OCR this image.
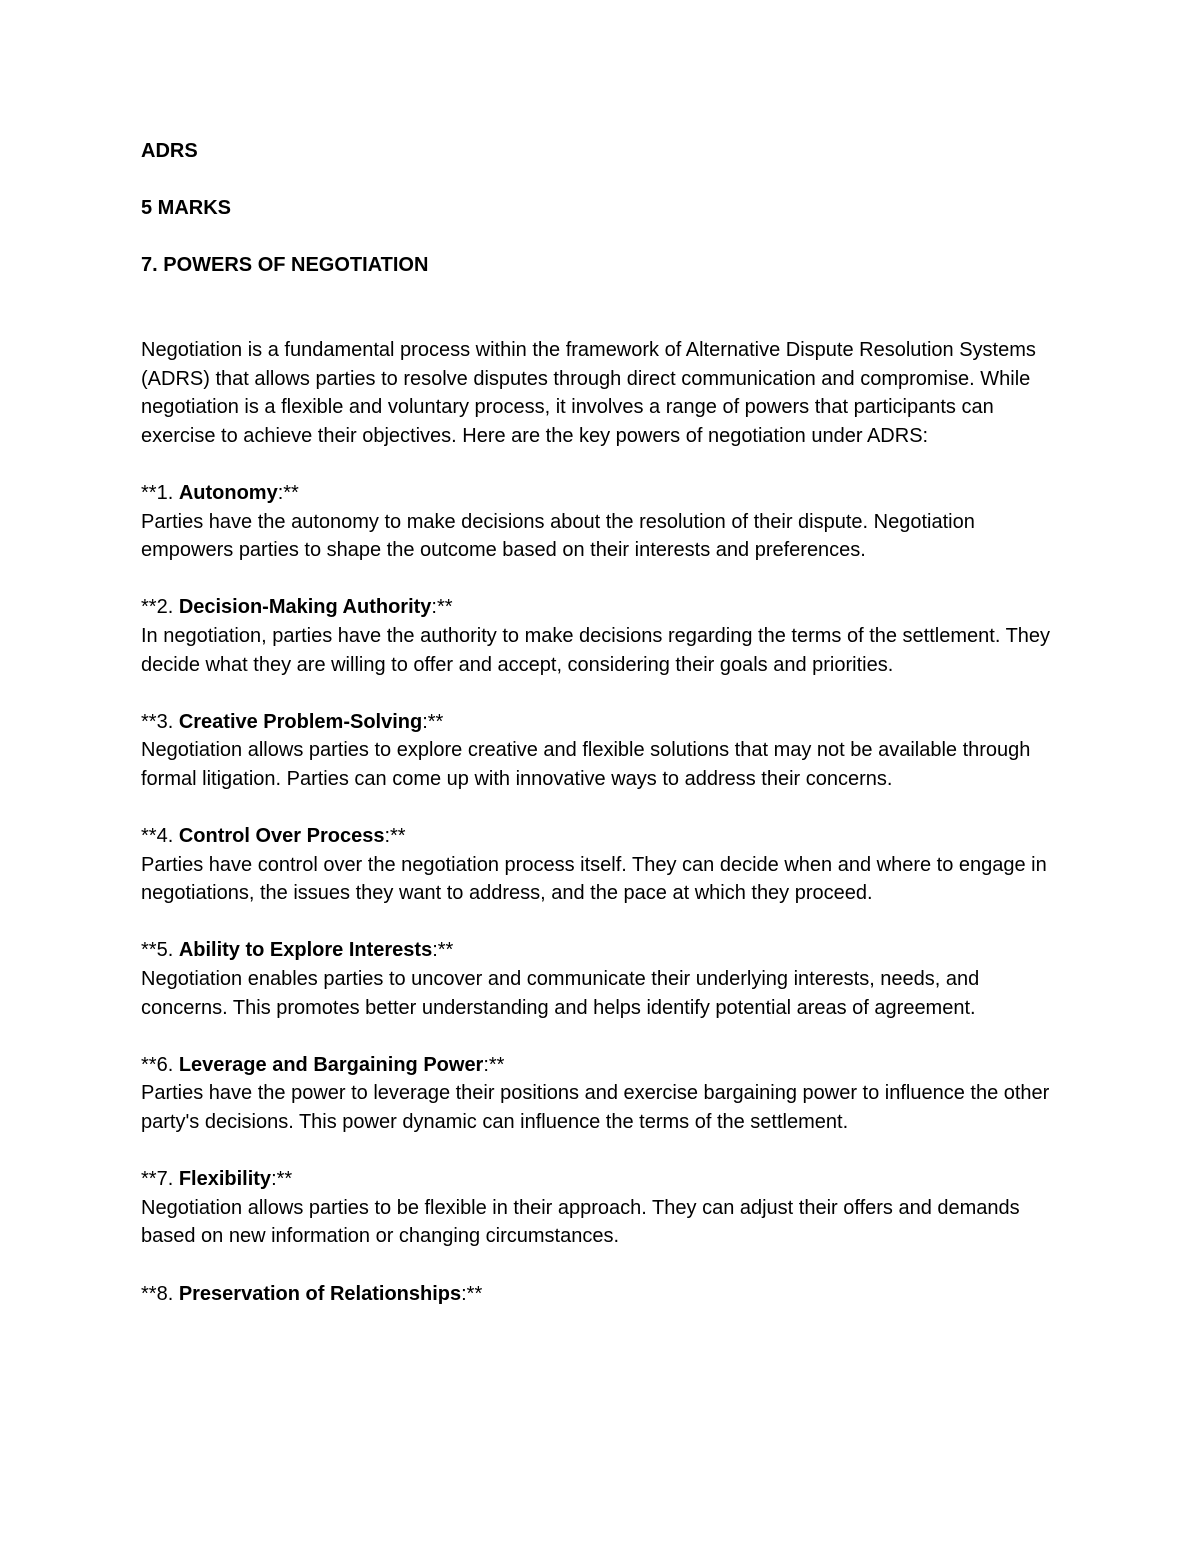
ADRS

5 MARKS

7. POWERS OF NEGOTIATION

Negotiation is a fundamental process within the framework of Alternative Dispute Resolution Systems (ADRS) that allows parties to resolve disputes through direct communication and compromise. While negotiation is a flexible and voluntary process, it involves a range of powers that participants can exercise to achieve their objectives. Here are the key powers of negotiation under ADRS:

**1. Autonomy:**

Parties have the autonomy to make decisions about the resolution of their dispute. Negotiation empowers parties to shape the outcome based on their interests and preferences.

**2. Decision-Making Authority:**

In negotiation, parties have the authority to make decisions regarding the terms of the settlement. They decide what they are willing to offer and accept, considering their goals and priorities.

**3. Creative Problem-Solving:**

Negotiation allows parties to explore creative and flexible solutions that may not be available through formal litigation. Parties can come up with innovative ways to address their concerns.

**4. Control Over Process:**

Parties have control over the negotiation process itself. They can decide when and where to engage in negotiations, the issues they want to address, and the pace at which they proceed.

**5. Ability to Explore Interests:**

Negotiation enables parties to uncover and communicate their underlying interests, needs, and concerns. This promotes better understanding and helps identify potential areas of agreement.

**6. Leverage and Bargaining Power:**

Parties have the power to leverage their positions and exercise bargaining power to influence the other party's decisions. This power dynamic can influence the terms of the settlement.

**7. Flexibility:**

Negotiation allows parties to be flexible in their approach. They can adjust their offers and demands based on new information or changing circumstances.

**8. Preservation of Relationships:**
